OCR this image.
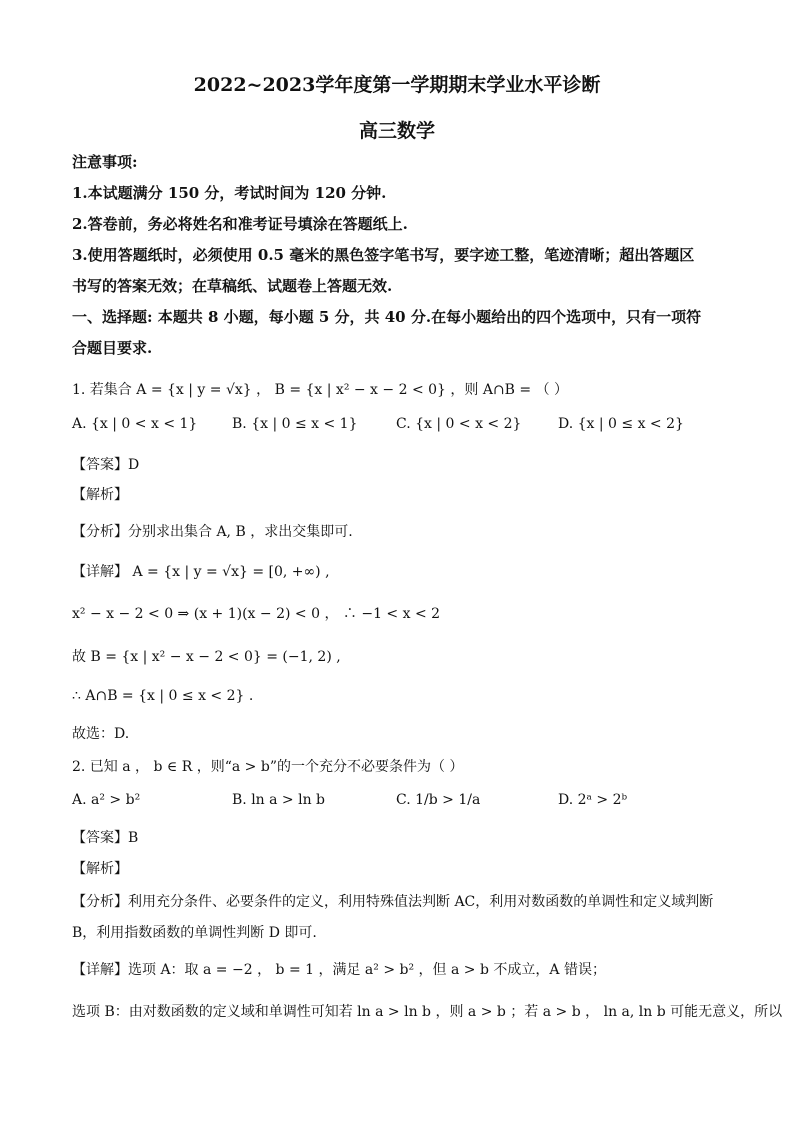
2022~2023学年度第一学期期末学业水平诊断
高三数学
注意事项:
1.本试题满分 150 分，考试时间为 120 分钟.
2.答卷前，务必将姓名和准考证号填涂在答题纸上.
3.使用答题纸时，必须使用 0.5 毫米的黑色签字笔书写，要字迹工整，笔迹清晰；超出答题区
书写的答案无效；在草稿纸、试题卷上答题无效.
一、选择题: 本题共 8 小题，每小题 5 分，共 40 分.在每小题给出的四个选项中，只有一项符
合题目要求.
1. 若集合 A = {x | y = √x} ， B = {x | x² − x − 2 < 0} ，则 A∩B = （ ）
A. {x | 0 < x < 1} B. {x | 0 ≤ x < 1}	C. {x | 0 < x < 2}	D. {x | 0 ≤ x < 2}
【答案】D
【解析】
【分析】分别求出集合 A, B ，求出交集即可.
【详解】 A = {x | y = √x} = [0, +∞) ,
x² − x − 2 < 0 ⇒ (x + 1)(x − 2) < 0 ， ∴ −1 < x < 2
故 B = {x | x² − x − 2 < 0} = (−1, 2) ,
∴ A∩B = {x | 0 ≤ x < 2} .
故选：D.
2. 已知 a ， b ∈ R ，则“a > b”的一个充分不必要条件为（ ）
A. a² > b²	B. ln a > ln b	C. 1/b > 1/a	D. 2ᵃ > 2ᵇ
【答案】B
【解析】
【分析】利用充分条件、必要条件的定义，利用特殊值法判断 AC，利用对数函数的单调性和定义域判断
B，利用指数函数的单调性判断 D 即可.
【详解】选项 A：取 a = −2 ， b = 1 ，满足 a² > b² ，但 a > b 不成立，A 错误；
选项 B：由对数函数的定义域和单调性可知若 ln a > ln b ，则 a > b ；若 a > b ， ln a, ln b 可能无意义，所以
